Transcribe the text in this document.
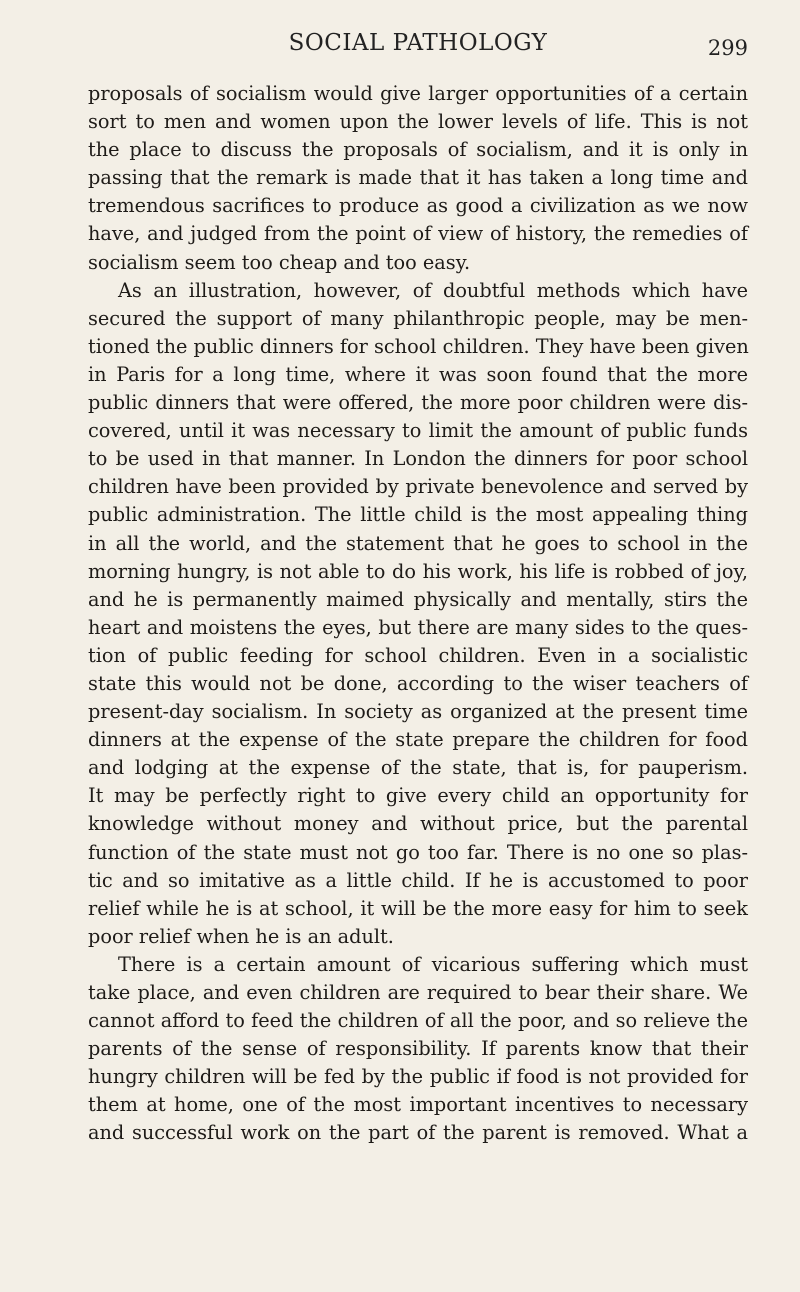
SOCIAL PATHOLOGY	299
proposals of socialism would give larger opportunities of a certain
sort to men and women upon the lower levels of life. This is not
the place to discuss the proposals of socialism, and it is only in
passing that the remark is made that it has taken a long time and
tremendous sacrifices to produce as good a civilization as we now
have, and judged from the point of view of history, the remedies of
socialism seem too cheap and too easy.
As an illustration, however, of doubtful methods which have
secured the support of many philanthropic people, may be men-
tioned the public dinners for school children. They have been given
in Paris for a long time, where it was soon found that the more
public dinners that were offered, the more poor children were dis-
covered, until it was necessary to limit the amount of public funds
to be used in that manner. In London the dinners for poor school
children have been provided by private benevolence and served by
public administration. The little child is the most appealing thing
in all the world, and the statement that he goes to school in the
morning hungry, is not able to do his work, his life is robbed of joy,
and he is permanently maimed physically and mentally, stirs the
heart and moistens the eyes, but there are many sides to the ques-
tion of public feeding for school children. Even in a socialistic
state this would not be done, according to the wiser teachers of
present-day socialism. In society as organized at the present time
dinners at the expense of the state prepare the children for food
and lodging at the expense of the state, that is, for pauperism.
It may be perfectly right to give every child an opportunity for
knowledge without money and without price, but the parental
function of the state must not go too far. There is no one so plas-
tic and so imitative as a little child. If he is accustomed to poor
relief while he is at school, it will be the more easy for him to seek
poor relief when he is an adult.
There is a certain amount of vicarious suffering which must
take place, and even children are required to bear their share. We
cannot afford to feed the children of all the poor, and so relieve the
parents of the sense of responsibility. If parents know that their
hungry children will be fed by the public if food is not provided for
them at home, one of the most important incentives to necessary
and successful work on the part of the parent is removed. What a
